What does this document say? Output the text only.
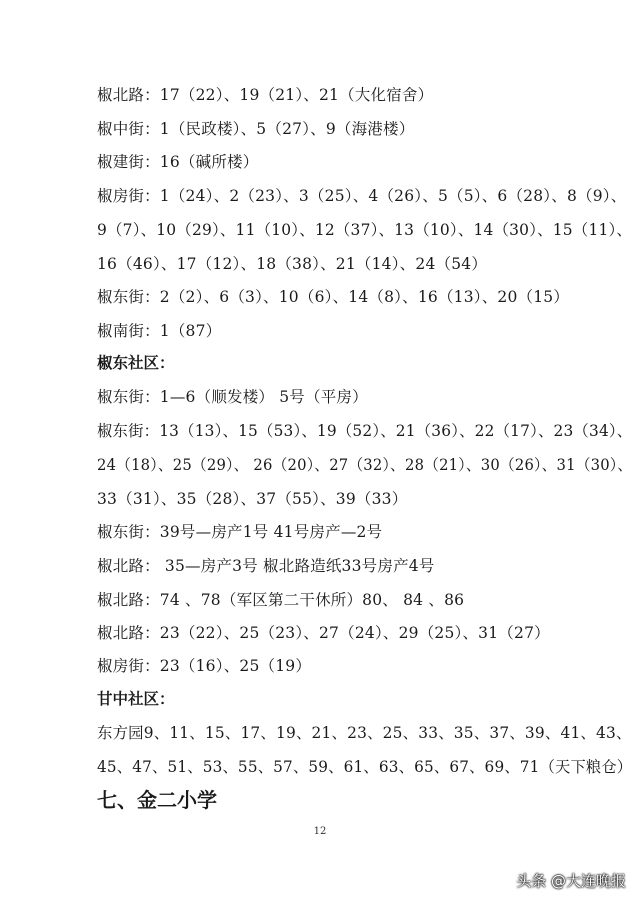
椒北路：17（22）、19（21）、21（大化宿舍）
椒中街：1（民政楼）、5（27）、9（海港楼）
椒建街：16（碱所楼）
椒房街：1（24）、2（23）、3（25）、4（26）、5（5）、6（28）、8（9）、
9（7）、10（29）、11（10）、12（37）、13（10）、14（30）、15（11）、
16（46）、17（12）、18（38）、21（14）、24（54）
椒东街：2（2）、6（3）、10（6）、14（8）、16（13）、20（15）
椒南街：1（87）
椒东社区：
椒东街：1—6（顺发楼） 5号（平房）
椒东街：13（13）、15（53）、19（52）、21（36）、22（17）、23（34）、
24（18）、25（29）、 26（20）、27（32）、28（21）、30（26）、31（30）、
33（31）、35（28）、37（55）、39（33）
椒东街：39号—房产1号 41号房产—2号
椒北路： 35—房产3号 椒北路造纸33号房产4号
椒北路：74 、78（军区第二干休所）80、 84 、86
椒北路：23（22）、25（23）、27（24）、29（25）、31（27）
椒房街：23（16）、25（19）
甘中社区：
东方园9、11、15、17、19、21、23、25、33、35、37、39、41、43、
45、47、51、53、55、57、59、61、63、65、67、69、71（天下粮仓）
七、金二小学
12
头条 @大连晚报
